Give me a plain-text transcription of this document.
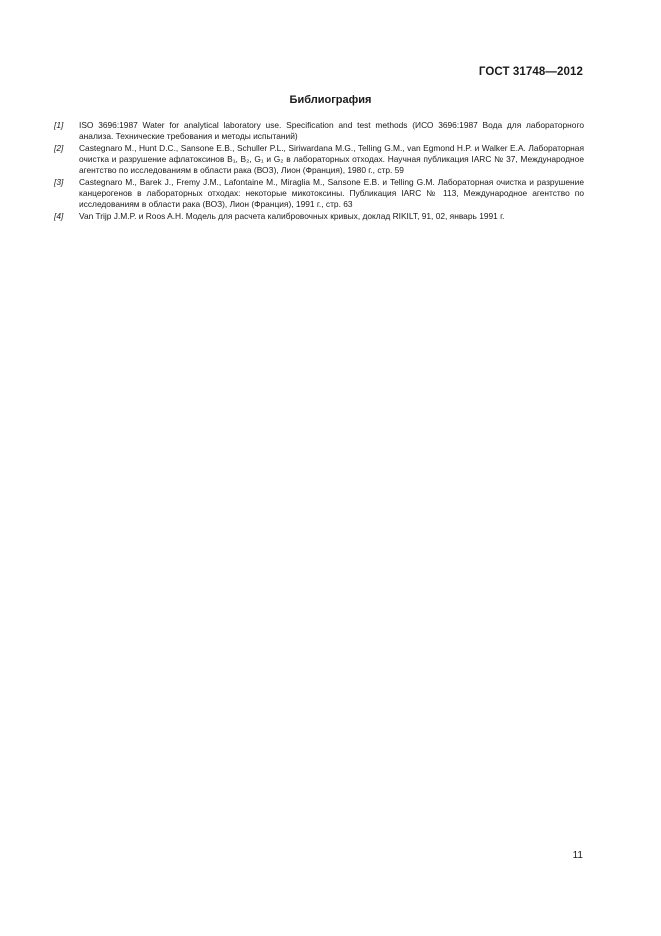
ГОСТ 31748—2012
Библиография
[1]	ISO 3696:1987 Water for analytical laboratory use. Specification and test methods (ИСО 3696:1987 Вода для лабораторного анализа. Технические требования и методы испытаний)
[2]	Castegnaro M., Hunt D.C., Sansone E.B., Schuller P.L., Siriwardana M.G., Telling G.M., van Egmond H.P. и Walker E.A. Лабораторная очистка и разрушение афлатоксинов B₁, B₂, G₁ и G₂ в лабораторных отходах. Научная публикация IARC № 37, Международное агентство по исследованиям в области рака (ВОЗ), Лион (Франция), 1980 г., стр. 59
[3]	Castegnaro M., Barek J., Fremy J.M., Lafontaine M., Miraglia M., Sansone E.B. и Telling G.M. Лабораторная очистка и разрушение канцерогенов в лабораторных отходах: некоторые микотоксины. Публикация IARC № 113, Международное агентство по исследованиям в области рака (ВОЗ), Лион (Франция), 1991 г., стр. 63
[4]	Van Trijp J.M.P. и Roos A.H. Модель для расчета калибровочных кривых, доклад RIKILT, 91, 02, январь 1991 г.
11
